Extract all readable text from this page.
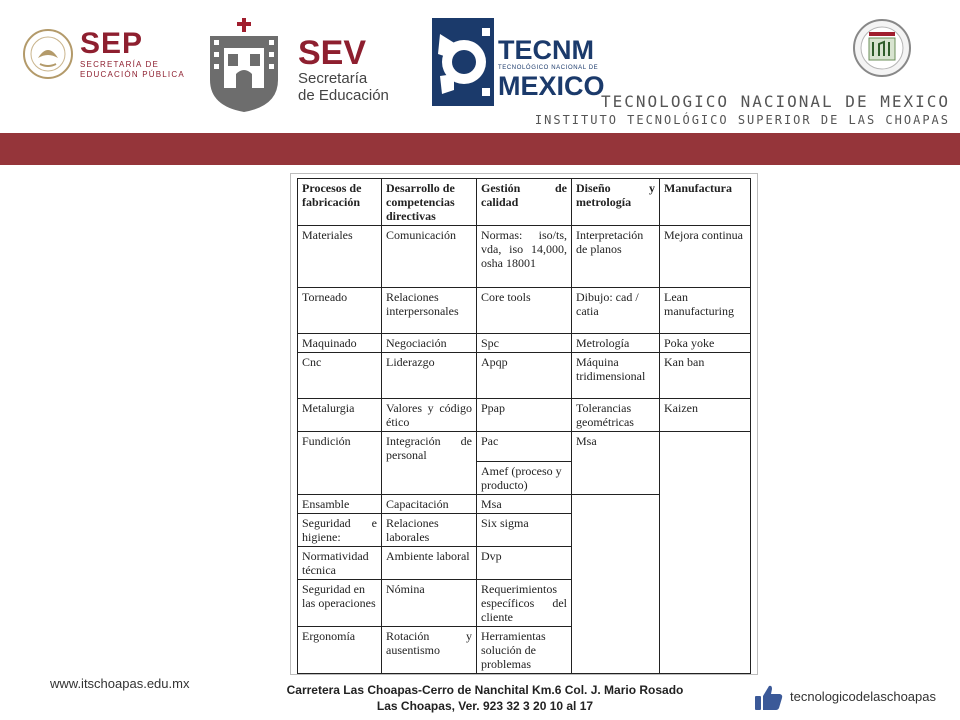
SEP
SECRETARÍA DE
EDUCACIÓN PÚBLICA
SEV
Secretaría
de Educación
TECNM
TECNOLÓGICO NACIONAL DE
MEXICO
TECNOLOGICO NACIONAL DE MEXICO
INSTITUTO TECNOLÓGICO SUPERIOR DE LAS CHOAPAS
Procesos de fabricación	Desarrollo de competencias directivas	Gestión de calidad	Diseño y metrología	Manufactura
Materiales	Comunicación	Normas: iso/ts, vda, iso 14,000, osha 18001	Interpretación de planos	Mejora continua
Torneado	Relaciones interpersonales	Core tools	Dibujo: cad / catia	Lean manufacturing
Maquinado	Negociación	Spc	Metrología	Poka yoke
Cnc	Liderazgo	Apqp	Máquina tridimensional	Kan ban
Metalurgia	Valores y código ético	Ppap	Tolerancias geométricas	Kaizen
Fundición	Integración de personal	Pac	Msa	
		Amef (proceso y producto)		
Ensamble	Capacitación	Msa		
Seguridad e higiene:	Relaciones laborales	Six sigma		
Normatividad técnica	Ambiente laboral	Dvp		
Seguridad en las operaciones	Nómina	Requerimientos específicos del cliente		
Ergonomía	Rotación y ausentismo	Herramientas solución de problemas		
www.itschoapas.edu.mx	Carretera Las Choapas-Cerro de Nanchital Km.6 Col. J. Mario Rosado
Las Choapas, Ver. 923 32 3 20 10 al 17
tecnologicodelaschoapas
